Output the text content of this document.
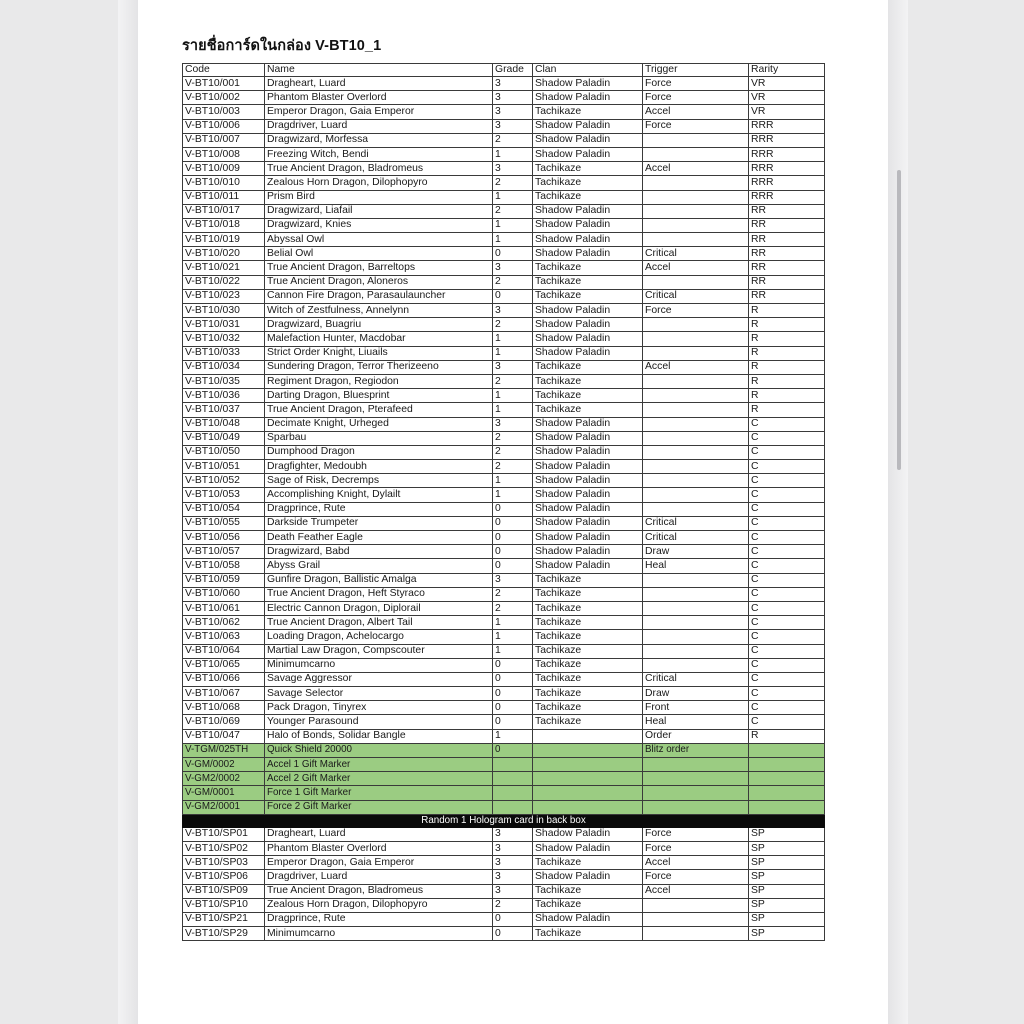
รายชื่อการ์ดในกล่อง V-BT10_1
Code	Name	Grade	Clan	Trigger	Rarity
V-BT10/001	Dragheart, Luard	3	Shadow Paladin	Force	VR
V-BT10/002	Phantom Blaster Overlord	3	Shadow Paladin	Force	VR
V-BT10/003	Emperor Dragon, Gaia Emperor	3	Tachikaze	Accel	VR
V-BT10/006	Dragdriver, Luard	3	Shadow Paladin	Force	RRR
V-BT10/007	Dragwizard, Morfessa	2	Shadow Paladin		RRR
V-BT10/008	Freezing Witch, Bendi	1	Shadow Paladin		RRR
V-BT10/009	True Ancient Dragon, Bladromeus	3	Tachikaze	Accel	RRR
V-BT10/010	Zealous Horn Dragon, Dilophopyro	2	Tachikaze		RRR
V-BT10/011	Prism Bird	1	Tachikaze		RRR
V-BT10/017	Dragwizard, Liafail	2	Shadow Paladin		RR
V-BT10/018	Dragwizard, Knies	1	Shadow Paladin		RR
V-BT10/019	Abyssal Owl	1	Shadow Paladin		RR
V-BT10/020	Belial Owl	0	Shadow Paladin	Critical	RR
V-BT10/021	True Ancient Dragon, Barreltops	3	Tachikaze	Accel	RR
V-BT10/022	True Ancient Dragon, Aloneros	2	Tachikaze		RR
V-BT10/023	Cannon Fire Dragon, Parasaulauncher	0	Tachikaze	Critical	RR
V-BT10/030	Witch of Zestfulness, Annelynn	3	Shadow Paladin	Force	R
V-BT10/031	Dragwizard, Buagriu	2	Shadow Paladin		R
V-BT10/032	Malefaction Hunter, Macdobar	1	Shadow Paladin		R
V-BT10/033	Strict Order Knight, Liuails	1	Shadow Paladin		R
V-BT10/034	Sundering Dragon, Terror Therizeeno	3	Tachikaze	Accel	R
V-BT10/035	Regiment Dragon, Regiodon	2	Tachikaze		R
V-BT10/036	Darting Dragon, Bluesprint	1	Tachikaze		R
V-BT10/037	True Ancient Dragon, Pterafeed	1	Tachikaze		R
V-BT10/048	Decimate Knight, Urheged	3	Shadow Paladin		C
V-BT10/049	Sparbau	2	Shadow Paladin		C
V-BT10/050	Dumphood Dragon	2	Shadow Paladin		C
V-BT10/051	Dragfighter, Medoubh	2	Shadow Paladin		C
V-BT10/052	Sage of Risk, Decremps	1	Shadow Paladin		C
V-BT10/053	Accomplishing Knight, Dylailt	1	Shadow Paladin		C
V-BT10/054	Dragprince, Rute	0	Shadow Paladin		C
V-BT10/055	Darkside Trumpeter	0	Shadow Paladin	Critical	C
V-BT10/056	Death Feather Eagle	0	Shadow Paladin	Critical	C
V-BT10/057	Dragwizard, Babd	0	Shadow Paladin	Draw	C
V-BT10/058	Abyss Grail	0	Shadow Paladin	Heal	C
V-BT10/059	Gunfire Dragon, Ballistic Amalga	3	Tachikaze		C
V-BT10/060	True Ancient Dragon, Heft Styraco	2	Tachikaze		C
V-BT10/061	Electric Cannon Dragon, Diplorail	2	Tachikaze		C
V-BT10/062	True Ancient Dragon, Albert Tail	1	Tachikaze		C
V-BT10/063	Loading Dragon, Achelocargo	1	Tachikaze		C
V-BT10/064	Martial Law Dragon, Compscouter	1	Tachikaze		C
V-BT10/065	Minimumcarno	0	Tachikaze		C
V-BT10/066	Savage Aggressor	0	Tachikaze	Critical	C
V-BT10/067	Savage Selector	0	Tachikaze	Draw	C
V-BT10/068	Pack Dragon, Tinyrex	0	Tachikaze	Front	C
V-BT10/069	Younger Parasound	0	Tachikaze	Heal	C
V-BT10/047	Halo of Bonds, Solidar Bangle	1		Order	R
V-TGM/025TH	Quick Shield 20000	0		Blitz order	
V-GM/0002	Accel 1 Gift Marker				
V-GM2/0002	Accel 2 Gift Marker				
V-GM/0001	Force 1 Gift Marker				
V-GM2/0001	Force 2 Gift Marker				
Random 1 Hologram card in back box					
V-BT10/SP01	Dragheart, Luard	3	Shadow Paladin	Force	SP
V-BT10/SP02	Phantom Blaster Overlord	3	Shadow Paladin	Force	SP
V-BT10/SP03	Emperor Dragon, Gaia Emperor	3	Tachikaze	Accel	SP
V-BT10/SP06	Dragdriver, Luard	3	Shadow Paladin	Force	SP
V-BT10/SP09	True Ancient Dragon, Bladromeus	3	Tachikaze	Accel	SP
V-BT10/SP10	Zealous Horn Dragon, Dilophopyro	2	Tachikaze		SP
V-BT10/SP21	Dragprince, Rute	0	Shadow Paladin		SP
V-BT10/SP29	Minimumcarno	0	Tachikaze		SP
